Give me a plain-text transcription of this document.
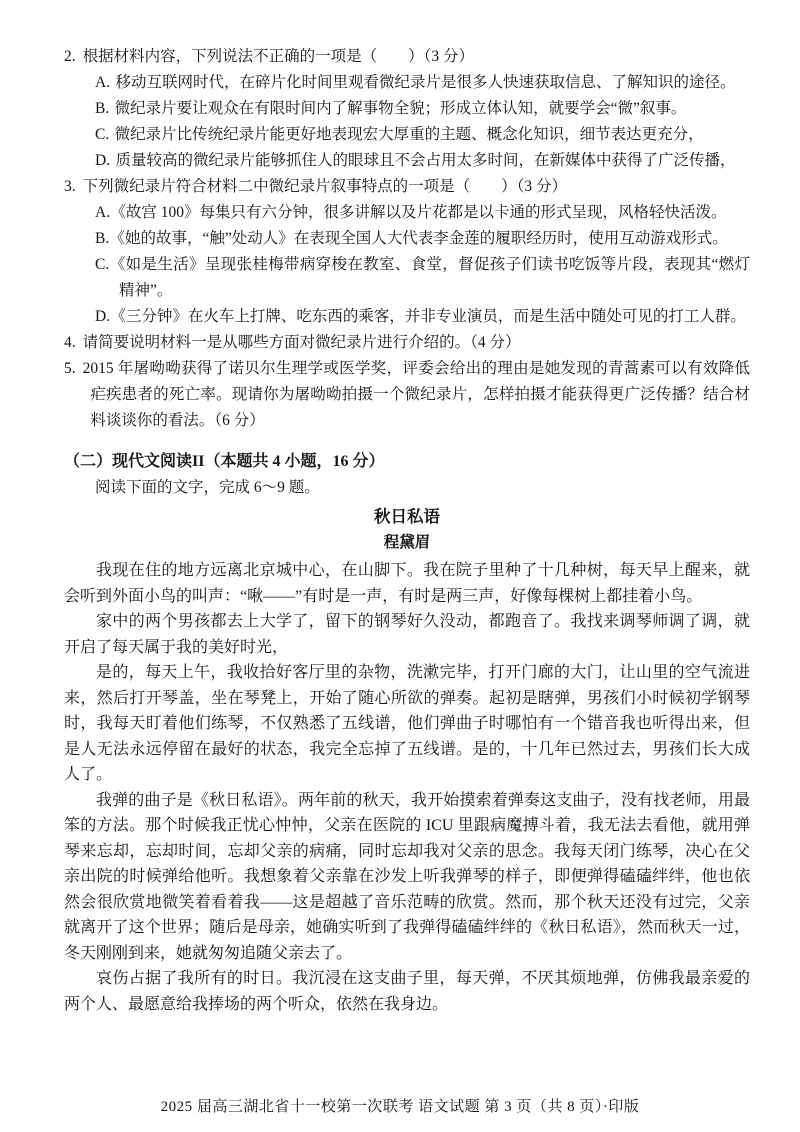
2. 根据材料内容，下列说法不正确的一项是（　　）（3 分）
A. 移动互联网时代，在碎片化时间里观看微纪录片是很多人快速获取信息、了解知识的途径。
B. 微纪录片要让观众在有限时间内了解事物全貌；形成立体认知，就要学会“微”叙事。
C. 微纪录片比传统纪录片能更好地表现宏大厚重的主题、概念化知识，细节表达更充分，
D. 质量较高的微纪录片能够抓住人的眼球且不会占用太多时间，在新媒体中获得了广泛传播，
3. 下列微纪录片符合材料二中微纪录片叙事特点的一项是（　　）（3 分）
A.《故宫 100》每集只有六分钟，很多讲解以及片花都是以卡通的形式呈现，风格轻快活泼。
B.《她的故事，“触”处动人》在表现全国人大代表李金莲的履职经历时，使用互动游戏形式。
C.《如是生活》呈现张桂梅带病穿梭在教室、食堂，督促孩子们读书吃饭等片段，表现其“燃灯精神”。
D.《三分钟》在火车上打牌、吃东西的乘客，并非专业演员，而是生活中随处可见的打工人群。
4. 请简要说明材料一是从哪些方面对微纪录片进行介绍的。（4 分）
5. 2015 年屠呦呦获得了诺贝尔生理学或医学奖，评委会给出的理由是她发现的青蒿素可以有效降低疟疾患者的死亡率。现请你为屠呦呦拍摄一个微纪录片，怎样拍摄才能获得更广泛传播？结合材料谈谈你的看法。（6 分）
（二）现代文阅读II（本题共 4 小题，16 分）
阅读下面的文字，完成 6～9 题。
秋日私语
程黛眉

我现在住的地方远离北京城中心，在山脚下。我在院子里种了十几种树，每天早上醒来，就会听到外面小鸟的叫声：“啾——”有时是一声，有时是两三声，好像每棵树上都挂着小鸟。

家中的两个男孩都去上大学了，留下的钢琴好久没动，都跑音了。我找来调琴师调了调，就开启了每天属于我的美好时光，

是的，每天上午，我收拾好客厅里的杂物，洗漱完毕，打开门廊的大门，让山里的空气流进来，然后打开琴盖，坐在琴凳上，开始了随心所欲的弹奏。起初是瞎弹，男孩们小时候初学钢琴时，我每天盯着他们练琴，不仅熟悉了五线谱，他们弹曲子时哪怕有一个错音我也听得出来，但是人无法永远停留在最好的状态，我完全忘掉了五线谱。是的，十几年已然过去，男孩们长大成人了。

我弹的曲子是《秋日私语》。两年前的秋天，我开始摸索着弹奏这支曲子，没有找老师，用最笨的方法。那个时候我正忧心忡忡，父亲在医院的 ICU 里跟病魔搏斗着，我无法去看他，就用弹琴来忘却，忘却时间，忘却父亲的病痛，同时忘却我对父亲的思念。我每天闭门练琴，决心在父亲出院的时候弹给他听。我想象着父亲靠在沙发上听我弹琴的样子，即便弹得磕磕绊绊，他也依然会很欣赏地微笑着看着我——这是超越了音乐范畴的欣赏。然而，那个秋天还没有过完，父亲就离开了这个世界；随后是母亲，她确实听到了我弹得磕磕绊绊的《秋日私语》，然而秋天一过，冬天刚刚到来，她就匆匆追随父亲去了。

哀伤占据了我所有的时日。我沉浸在这支曲子里，每天弹，不厌其烦地弹，仿佛我最亲爱的两个人、最愿意给我捧场的两个听众，依然在我身边。

2025 届高三湖北省十一校第一次联考 语文试题 第 3 页（共 8 页）·印版
